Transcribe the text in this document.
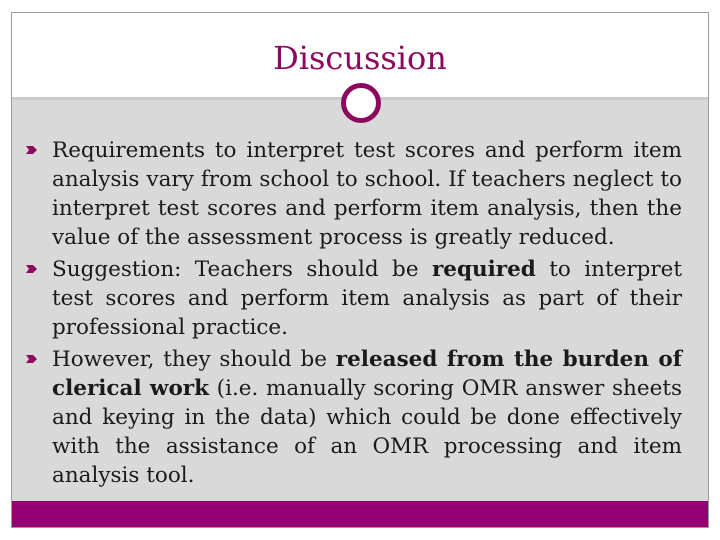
Discussion
Requirements to interpret test scores and perform item analysis vary from school to school. If teachers neglect to interpret test scores and perform item analysis, then the value of the assessment process is greatly reduced.
Suggestion: Teachers should be required to interpret test scores and perform item analysis as part of their professional practice.
However, they should be released from the burden of clerical work (i.e. manually scoring OMR answer sheets and keying in the data) which could be done effectively with the assistance of an OMR processing and item analysis tool.
